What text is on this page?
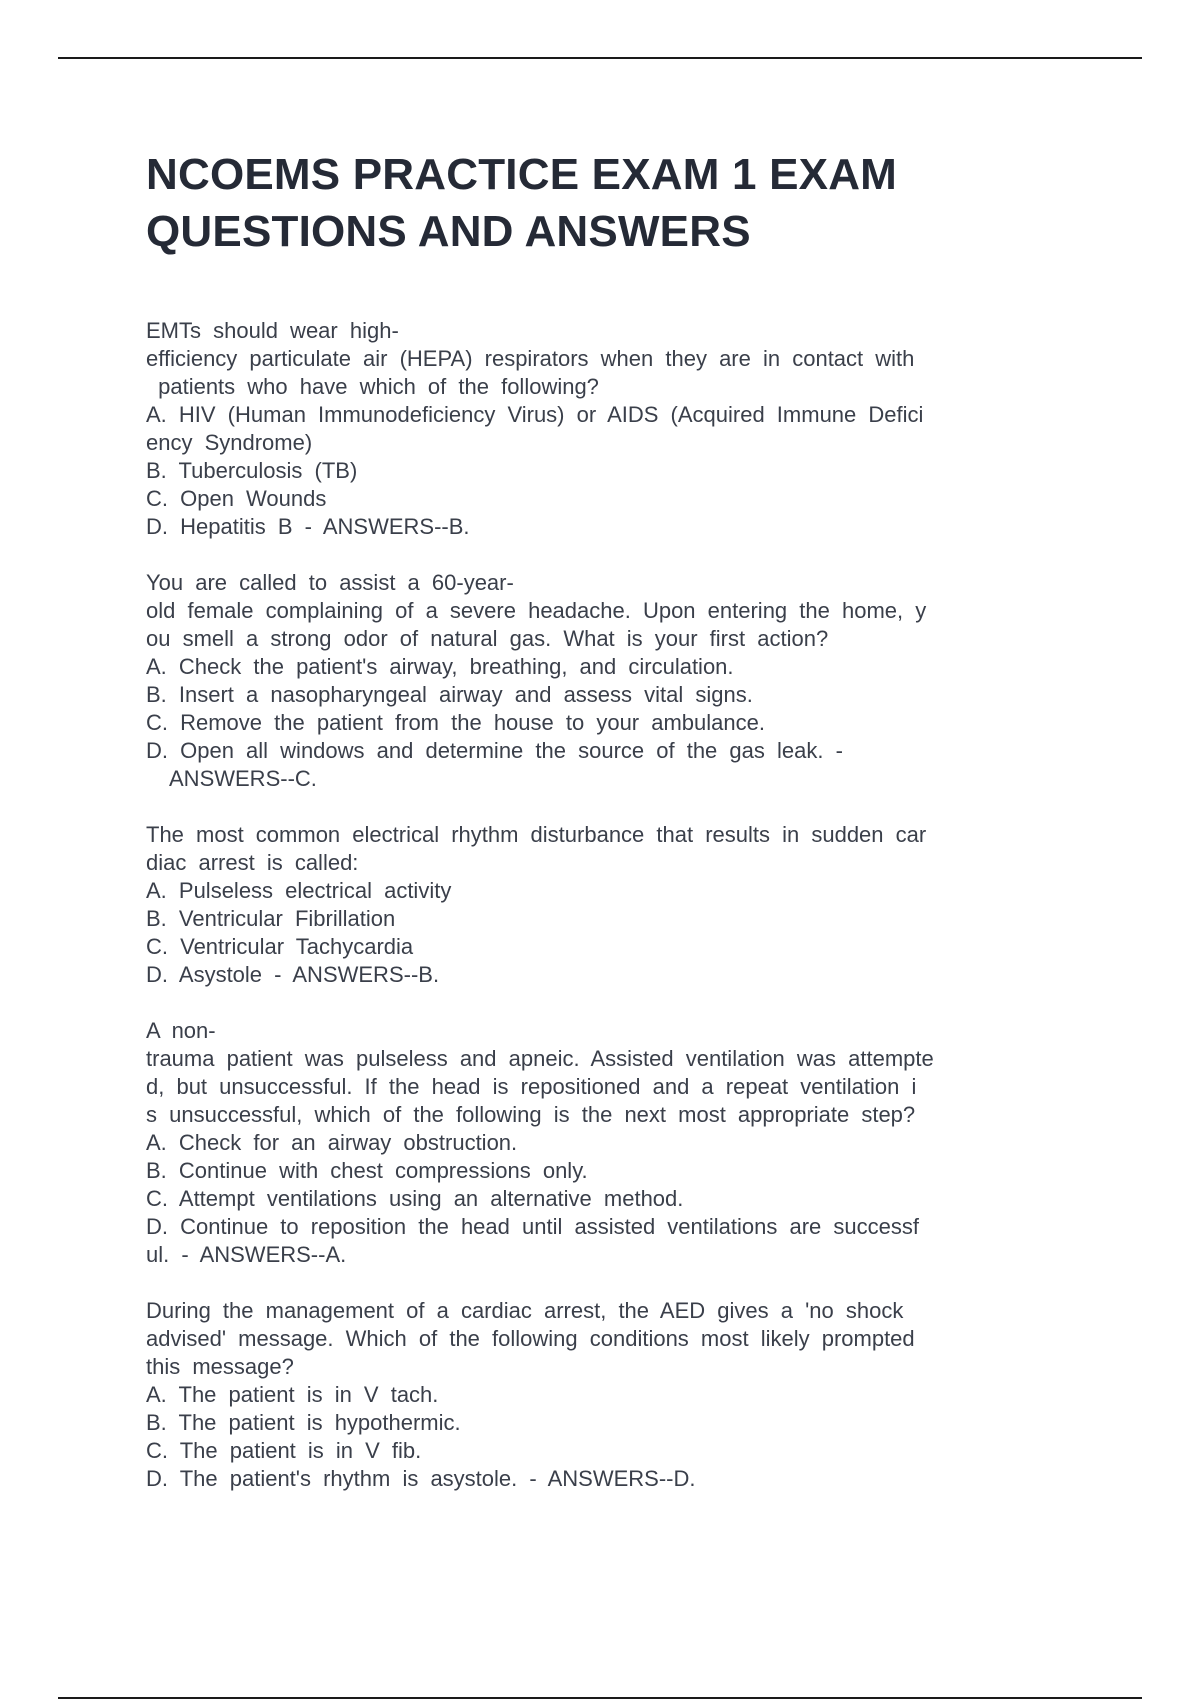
NCOEMS PRACTICE EXAM 1 EXAM
QUESTIONS AND ANSWERS
EMTs should wear high-
efficiency particulate air (HEPA) respirators when they are in contact with
patients who have which of the following?
A. HIV (Human Immunodeficiency Virus) or AIDS (Acquired Immune Defici
ency Syndrome)
B. Tuberculosis (TB)
C. Open Wounds
D. Hepatitis B - ANSWERS--B.
You are called to assist a 60-year-
old female complaining of a severe headache. Upon entering the home, y
ou smell a strong odor of natural gas. What is your first action?
A. Check the patient's airway, breathing, and circulation.
B. Insert a nasopharyngeal airway and assess vital signs.
C. Remove the patient from the house to your ambulance.
D. Open all windows and determine the source of the gas leak. -
ANSWERS--C.
The most common electrical rhythm disturbance that results in sudden car
diac arrest is called:
A. Pulseless electrical activity
B. Ventricular Fibrillation
C. Ventricular Tachycardia
D. Asystole - ANSWERS--B.
A non-
trauma patient was pulseless and apneic. Assisted ventilation was attempte
d, but unsuccessful. If the head is repositioned and a repeat ventilation i
s unsuccessful, which of the following is the next most appropriate step?
A. Check for an airway obstruction.
B. Continue with chest compressions only.
C. Attempt ventilations using an alternative method.
D. Continue to reposition the head until assisted ventilations are successf
ul. - ANSWERS--A.
During the management of a cardiac arrest, the AED gives a 'no shock
advised' message. Which of the following conditions most likely prompted
this message?
A. The patient is in V tach.
B. The patient is hypothermic.
C. The patient is in V fib.
D. The patient's rhythm is asystole. - ANSWERS--D.
